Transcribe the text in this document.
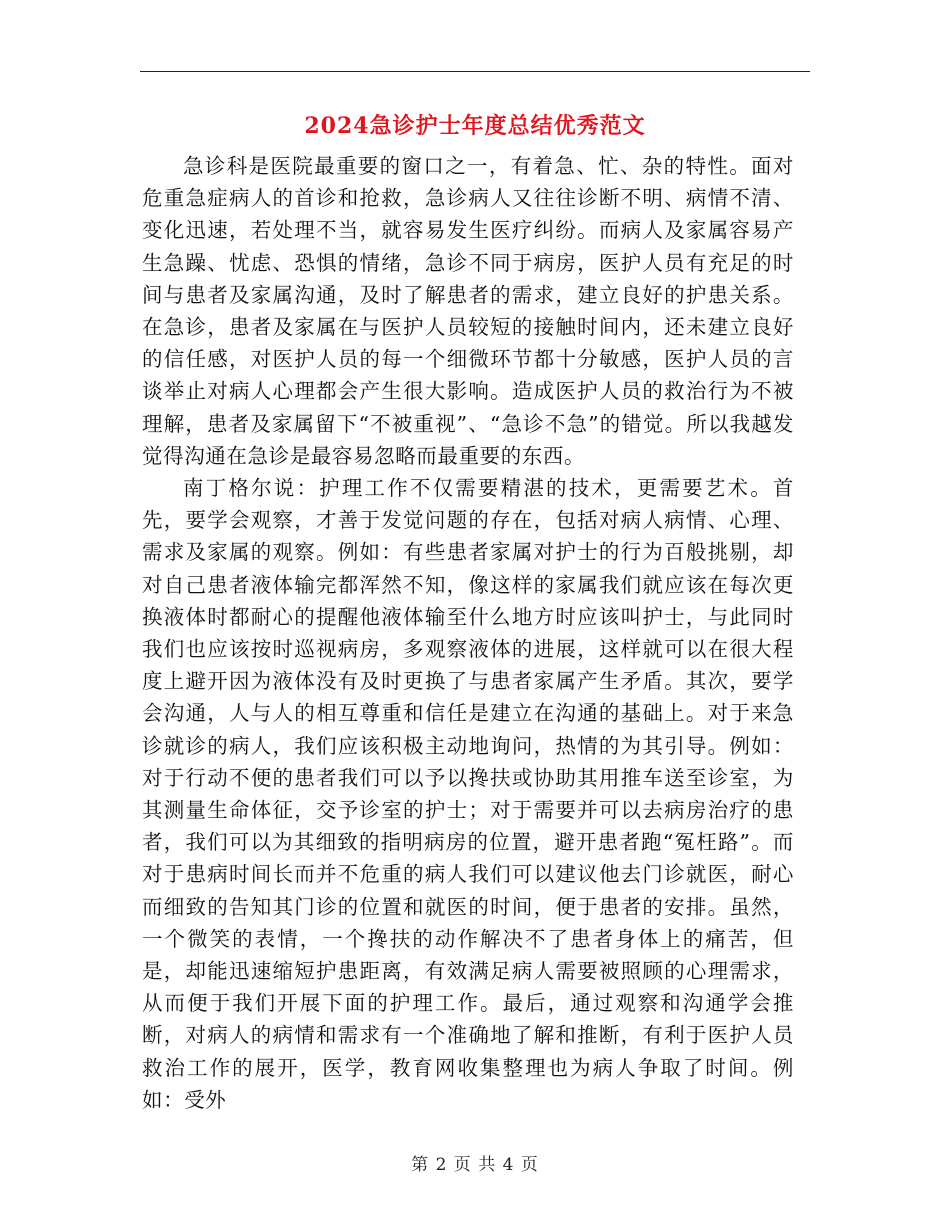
2024急诊护士年度总结优秀范文

急诊科是医院最重要的窗口之一，有着急、忙、杂的特性。面对危重急症病人的首诊和抢救，急诊病人又往往诊断不明、病情不清、变化迅速，若处理不当，就容易发生医疗纠纷。而病人及家属容易产生急躁、忧虑、恐惧的情绪，急诊不同于病房，医护人员有充足的时间与患者及家属沟通，及时了解患者的需求，建立良好的护患关系。在急诊，患者及家属在与医护人员较短的接触时间内，还未建立良好的信任感，对医护人员的每一个细微环节都十分敏感，医护人员的言谈举止对病人心理都会产生很大影响。造成医护人员的救治行为不被理解，患者及家属留下“不被重视”、“急诊不急”的错觉。所以我越发觉得沟通在急诊是最容易忽略而最重要的东西。

南丁格尔说：护理工作不仅需要精湛的技术，更需要艺术。首先，要学会观察，才善于发觉问题的存在，包括对病人病情、心理、需求及家属的观察。例如：有些患者家属对护士的行为百般挑剔，却对自己患者液体输完都浑然不知，像这样的家属我们就应该在每次更换液体时都耐心的提醒他液体输至什么地方时应该叫护士，与此同时我们也应该按时巡视病房，多观察液体的进展，这样就可以在很大程度上避开因为液体没有及时更换了与患者家属产生矛盾。其次，要学会沟通，人与人的相互尊重和信任是建立在沟通的基础上。对于来急诊就诊的病人，我们应该积极主动地询问，热情的为其引导。例如：对于行动不便的患者我们可以予以搀扶或协助其用推车送至诊室，为其测量生命体征，交予诊室的护士；对于需要并可以去病房治疗的患者，我们可以为其细致的指明病房的位置，避开患者跑“冤枉路”。而对于患病时间长而并不危重的病人我们可以建议他去门诊就医，耐心而细致的告知其门诊的位置和就医的时间，便于患者的安排。虽然，一个微笑的表情，一个搀扶的动作解决不了患者身体上的痛苦，但是，却能迅速缩短护患距离，有效满足病人需要被照顾的心理需求，从而便于我们开展下面的护理工作。最后，通过观察和沟通学会推断，对病人的病情和需求有一个准确地了解和推断，有利于医护人员救治工作的展开，医学，教育网收集整理也为病人争取了时间。例如：受外

第 2 页 共 4 页
